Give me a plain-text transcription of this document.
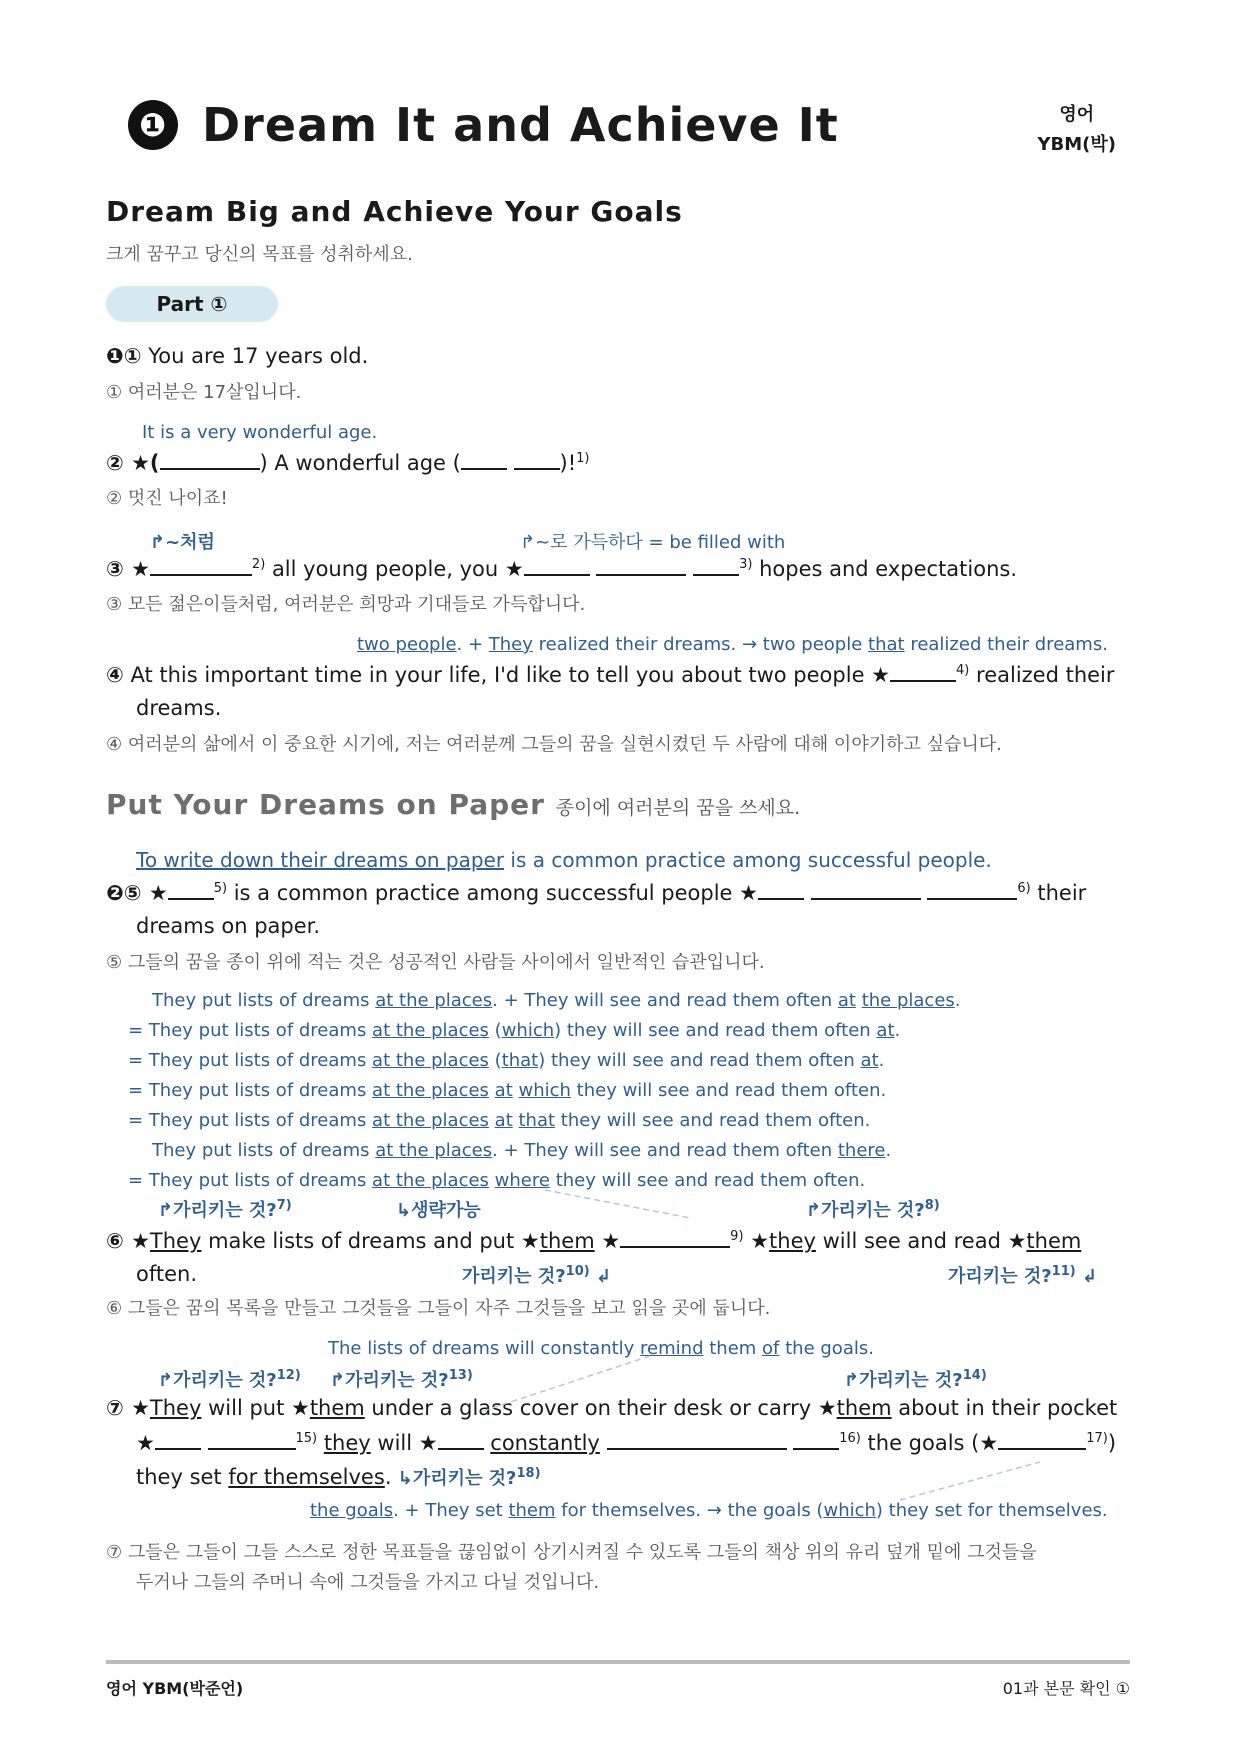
❶ Dream It and Achieve It	영어
YBM(박)
Dream Big and Achieve Your Goals
크게 꿈꾸고 당신의 목표를 성취하세요.
Part ①
❶① You are 17 years old.
① 여러분은 17살입니다.
It is a very wonderful age.
② ★(	) A wonderful age (	)!$^{1)}$
② 멋진 나이죠!
↱~처럼	↱~로 가득하다 = be filled with
③ ★	$^{2)}$ all young people, you ★	$^{3)}$ hopes and expectations.
③ 모든 젊은이들처럼, 여러분은 희망과 기대들로 가득합니다.
two people. + They realized their dreams. → two people that realized their dreams.
④ At this important time in your life, I'd like to tell you about two people ★	$^{4)}$ realized their
dreams.
④ 여러분의 삶에서 이 중요한 시기에, 저는 여러분께 그들의 꿈을 실현시켰던 두 사람에 대해 이야기하고 싶습니다.
Put Your Dreams on Paper 종이에 여러분의 꿈을 쓰세요.
To write down their dreams on paper is a common practice among successful people.
❷⑤ ★	$^{5)}$ is a common practice among successful people ★	$^{6)}$ their
dreams on paper.
⑤ 그들의 꿈을 종이 위에 적는 것은 성공적인 사람들 사이에서 일반적인 습관입니다.
They put lists of dreams at the places. + They will see and read them often at the places.
= They put lists of dreams at the places (which) they will see and read them often at.
= They put lists of dreams at the places (that) they will see and read them often at.
= They put lists of dreams at the places at which they will see and read them often.
= They put lists of dreams at the places at that they will see and read them often.
They put lists of dreams at the places. + They will see and read them often there.
= They put lists of dreams at the places where they will see and read them often.
↱가리키는 것?$^{7)}$	↳생략가능	↱가리키는 것?$^{8)}$
⑥ ★They make lists of dreams and put ★them ★	$^{9)}$ ★they will see and read ★them
often.	가리키는 것?$^{10)}$ ↲	가리키는 것?$^{11)}$ ↲
⑥ 그들은 꿈의 목록을 만들고 그것들을 그들이 자주 그것들을 보고 읽을 곳에 둡니다.
The lists of dreams will constantly remind them of the goals.
↱가리키는 것?$^{12)}$ ↱가리키는 것?$^{13)}$	↱가리키는 것?$^{14)}$
⑦ ★They will put ★them under a glass cover on their desk or carry ★them about in their pocket
★	$^{15)}$ they will ★	constantly	$^{16)}$ the goals (★	$^{17)}$)
they set for themselves. ↳가리키는 것?$^{18)}$
the goals. + They set them for themselves. → the goals (which) they set for themselves.
⑦ 그들은 그들이 그들 스스로 정한 목표들을 끊임없이 상기시켜질 수 있도록 그들의 책상 위의 유리 덮개 밑에 그것들을
두거나 그들의 주머니 속에 그것들을 가지고 다닐 것입니다.
영어 YBM(박준언)	01과 본문 확인 ①
